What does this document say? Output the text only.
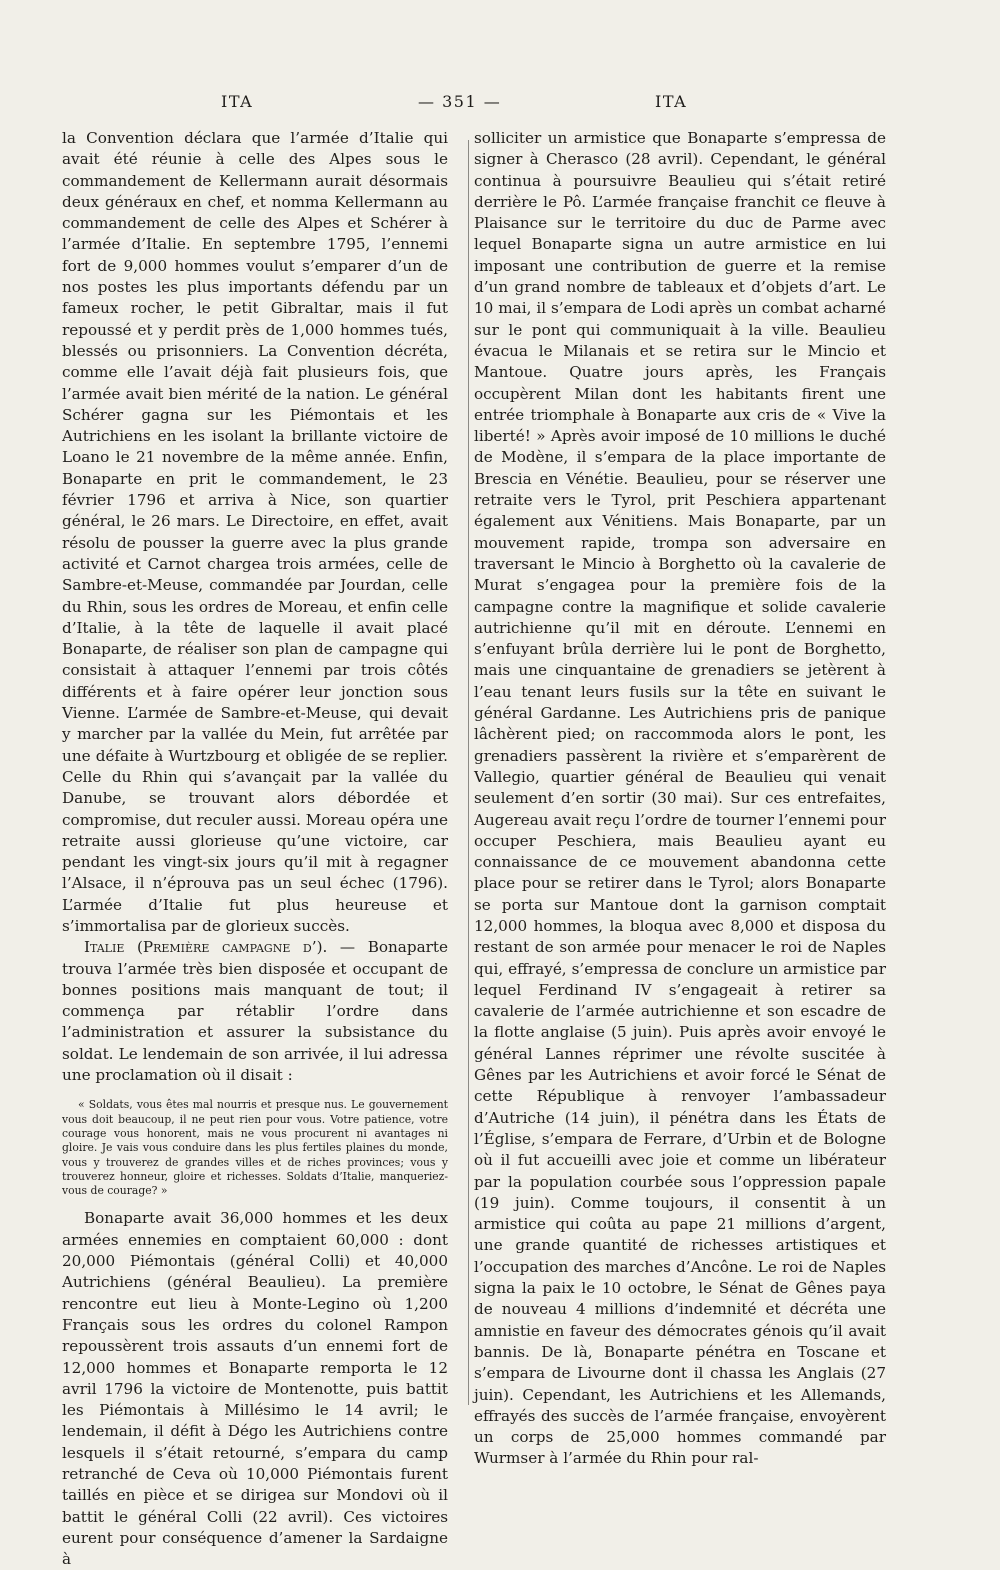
ITA	— 351 —	ITA

la Convention déclara que l’armée d’Italie qui avait été réunie à celle des Alpes sous le commandement de Kellermann aurait désormais deux généraux en chef, et nomma Kellermann au commandement de celle des Alpes et Schérer à l’armée d’Italie. En septembre 1795, l’ennemi fort de 9,000 hommes voulut s’emparer d’un de nos postes les plus importants défendu par un fameux rocher, le petit Gibraltar, mais il fut repoussé et y perdit près de 1,000 hommes tués, blessés ou prisonniers. La Convention décréta, comme elle l’avait déjà fait plusieurs fois, que l’armée avait bien mérité de la nation. Le général Schérer gagna sur les Piémontais et les Autrichiens en les isolant la brillante victoire de Loano le 21 novembre de la même année. Enfin, Bonaparte en prit le commandement, le 23 février 1796 et arriva à Nice, son quartier général, le 26 mars. Le Directoire, en effet, avait résolu de pousser la guerre avec la plus grande activité et Carnot chargea trois armées, celle de Sambre-et-Meuse, commandée par Jourdan, celle du Rhin, sous les ordres de Moreau, et enfin celle d’Italie, à la tête de laquelle il avait placé Bonaparte, de réaliser son plan de campagne qui consistait à attaquer l’ennemi par trois côtés différents et à faire opérer leur jonction sous Vienne. L’armée de Sambre-et-Meuse, qui devait y marcher par la vallée du Mein, fut arrêtée par une défaite à Wurtzbourg et obligée de se replier. Celle du Rhin qui s’avançait par la vallée du Danube, se trouvant alors débordée et compromise, dut reculer aussi. Moreau opéra une retraite aussi glorieuse qu’une victoire, car pendant les vingt-six jours qu’il mit à regagner l’Alsace, il n’éprouva pas un seul échec (1796). L’armée d’Italie fut plus heureuse et s’immortalisa par de glorieux succès.

Italie (Première campagne d’). — Bonaparte trouva l’armée très bien disposée et occupant de bonnes positions mais manquant de tout; il commença par rétablir l’ordre dans l’administration et assurer la subsistance du soldat. Le lendemain de son arrivée, il lui adressa une proclamation où il disait :

« Soldats, vous êtes mal nourris et presque nus. Le gouvernement vous doit beaucoup, il ne peut rien pour vous. Votre patience, votre courage vous honorent, mais ne vous procurent ni avantages ni gloire. Je vais vous conduire dans les plus fertiles plaines du monde, vous y trouverez de grandes villes et de riches provinces; vous y trouverez honneur, gloire et richesses. Soldats d’Italie, manqueriez-vous de courage? »

Bonaparte avait 36,000 hommes et les deux armées ennemies en comptaient 60,000 : dont 20,000 Piémontais (général Colli) et 40,000 Autrichiens (général Beaulieu). La première rencontre eut lieu à Monte-Legino où 1,200 Français sous les ordres du colonel Rampon repoussèrent trois assauts d’un ennemi fort de 12,000 hommes et Bonaparte remporta le 12 avril 1796 la victoire de Montenotte, puis battit les Piémontais à Millésimo le 14 avril; le lendemain, il défit à Dégo les Autrichiens contre lesquels il s’était retourné, s’empara du camp retranché de Ceva où 10,000 Piémontais furent taillés en pièce et se dirigea sur Mondovi où il battit le général Colli (22 avril). Ces victoires eurent pour conséquence d’amener la Sardaigne à

solliciter un armistice que Bonaparte s’empressa de signer à Cherasco (28 avril). Cependant, le général continua à poursuivre Beaulieu qui s’était retiré derrière le Pô. L’armée française franchit ce fleuve à Plaisance sur le territoire du duc de Parme avec lequel Bonaparte signa un autre armistice en lui imposant une contribution de guerre et la remise d’un grand nombre de tableaux et d’objets d’art. Le 10 mai, il s’empara de Lodi après un combat acharné sur le pont qui communiquait à la ville. Beaulieu évacua le Milanais et se retira sur le Mincio et Mantoue. Quatre jours après, les Français occupèrent Milan dont les habitants firent une entrée triomphale à Bonaparte aux cris de « Vive la liberté! » Après avoir imposé de 10 millions le duché de Modène, il s’empara de la place importante de Brescia en Vénétie. Beaulieu, pour se réserver une retraite vers le Tyrol, prit Peschiera appartenant également aux Vénitiens. Mais Bonaparte, par un mouvement rapide, trompa son adversaire en traversant le Mincio à Borghetto où la cavalerie de Murat s’engagea pour la première fois de la campagne contre la magnifique et solide cavalerie autrichienne qu’il mit en déroute. L’ennemi en s’enfuyant brûla derrière lui le pont de Borghetto, mais une cinquantaine de grenadiers se jetèrent à l’eau tenant leurs fusils sur la tête en suivant le général Gardanne. Les Autrichiens pris de panique lâchèrent pied; on raccommoda alors le pont, les grenadiers passèrent la rivière et s’emparèrent de Vallegio, quartier général de Beaulieu qui venait seulement d’en sortir (30 mai). Sur ces entrefaites, Augereau avait reçu l’ordre de tourner l’ennemi pour occuper Peschiera, mais Beaulieu ayant eu connaissance de ce mouvement abandonna cette place pour se retirer dans le Tyrol; alors Bonaparte se porta sur Mantoue dont la garnison comptait 12,000 hommes, la bloqua avec 8,000 et disposa du restant de son armée pour menacer le roi de Naples qui, effrayé, s’empressa de conclure un armistice par lequel Ferdinand IV s’engageait à retirer sa cavalerie de l’armée autrichienne et son escadre de la flotte anglaise (5 juin). Puis après avoir envoyé le général Lannes réprimer une révolte suscitée à Gênes par les Autrichiens et avoir forcé le Sénat de cette République à renvoyer l’ambassadeur d’Autriche (14 juin), il pénétra dans les États de l’Église, s’empara de Ferrare, d’Urbin et de Bologne où il fut accueilli avec joie et comme un libérateur par la population courbée sous l’oppression papale (19 juin). Comme toujours, il consentit à un armistice qui coûta au pape 21 millions d’argent, une grande quantité de richesses artistiques et l’occupation des marches d’Ancône. Le roi de Naples signa la paix le 10 octobre, le Sénat de Gênes paya de nouveau 4 millions d’indemnité et décréta une amnistie en faveur des démocrates génois qu’il avait bannis. De là, Bonaparte pénétra en Toscane et s’empara de Livourne dont il chassa les Anglais (27 juin). Cependant, les Autrichiens et les Allemands, effrayés des succès de l’armée française, envoyèrent un corps de 25,000 hommes commandé par Wurmser à l’armée du Rhin pour ral-
